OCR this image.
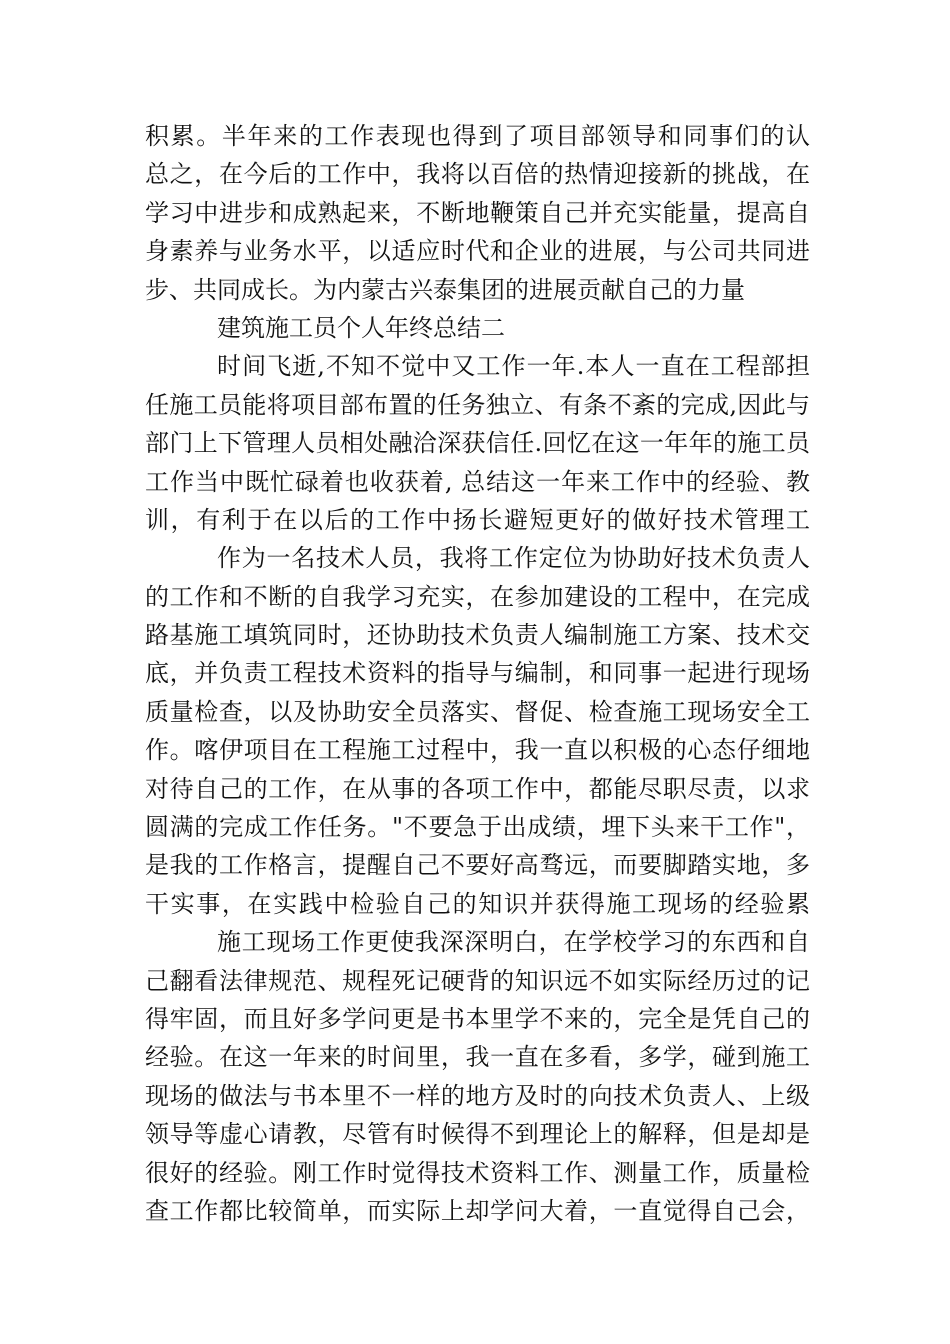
积累。半年来的工作表现也得到了项目部领导和同事们的认
总之，在今后的工作中，我将以百倍的热情迎接新的挑战，在
学习中进步和成熟起来，不断地鞭策自己并充实能量，提高自
身素养与业务水平，以适应时代和企业的进展，与公司共同进
步、共同成长。为内蒙古兴泰集团的进展贡献自己的力量
建筑施工员个人年终总结二
时间飞逝,不知不觉中又工作一年.本人一直在工程部担
任施工员能将项目部布置的任务独立、有条不紊的完成,因此与
部门上下管理人员相处融洽深获信任.回忆在这一年年的施工员
工作当中既忙碌着也收获着, 总结这一年来工作中的经验、教
训，有利于在以后的工作中扬长避短更好的做好技术管理工
作为一名技术人员，我将工作定位为协助好技术负责人
的工作和不断的自我学习充实，在参加建设的工程中，在完成
路基施工填筑同时，还协助技术负责人编制施工方案、技术交
底，并负责工程技术资料的指导与编制，和同事一起进行现场
质量检查，以及协助安全员落实、督促、检查施工现场安全工
作。喀伊项目在工程施工过程中，我一直以积极的心态仔细地
对待自己的工作，在从事的各项工作中，都能尽职尽责，以求
圆满的完成工作任务。"不要急于出成绩，埋下头来干工作"，
是我的工作格言，提醒自己不要好高骛远，而要脚踏实地，多
干实事，在实践中检验自己的知识并获得施工现场的经验累
施工现场工作更使我深深明白，在学校学习的东西和自
己翻看法律规范、规程死记硬背的知识远不如实际经历过的记
得牢固，而且好多学问更是书本里学不来的，完全是凭自己的
经验。在这一年来的时间里，我一直在多看，多学，碰到施工
现场的做法与书本里不一样的地方及时的向技术负责人、上级
领导等虚心请教，尽管有时候得不到理论上的解释，但是却是
很好的经验。刚工作时觉得技术资料工作、测量工作，质量检
查工作都比较简单，而实际上却学问大着，一直觉得自己会，
